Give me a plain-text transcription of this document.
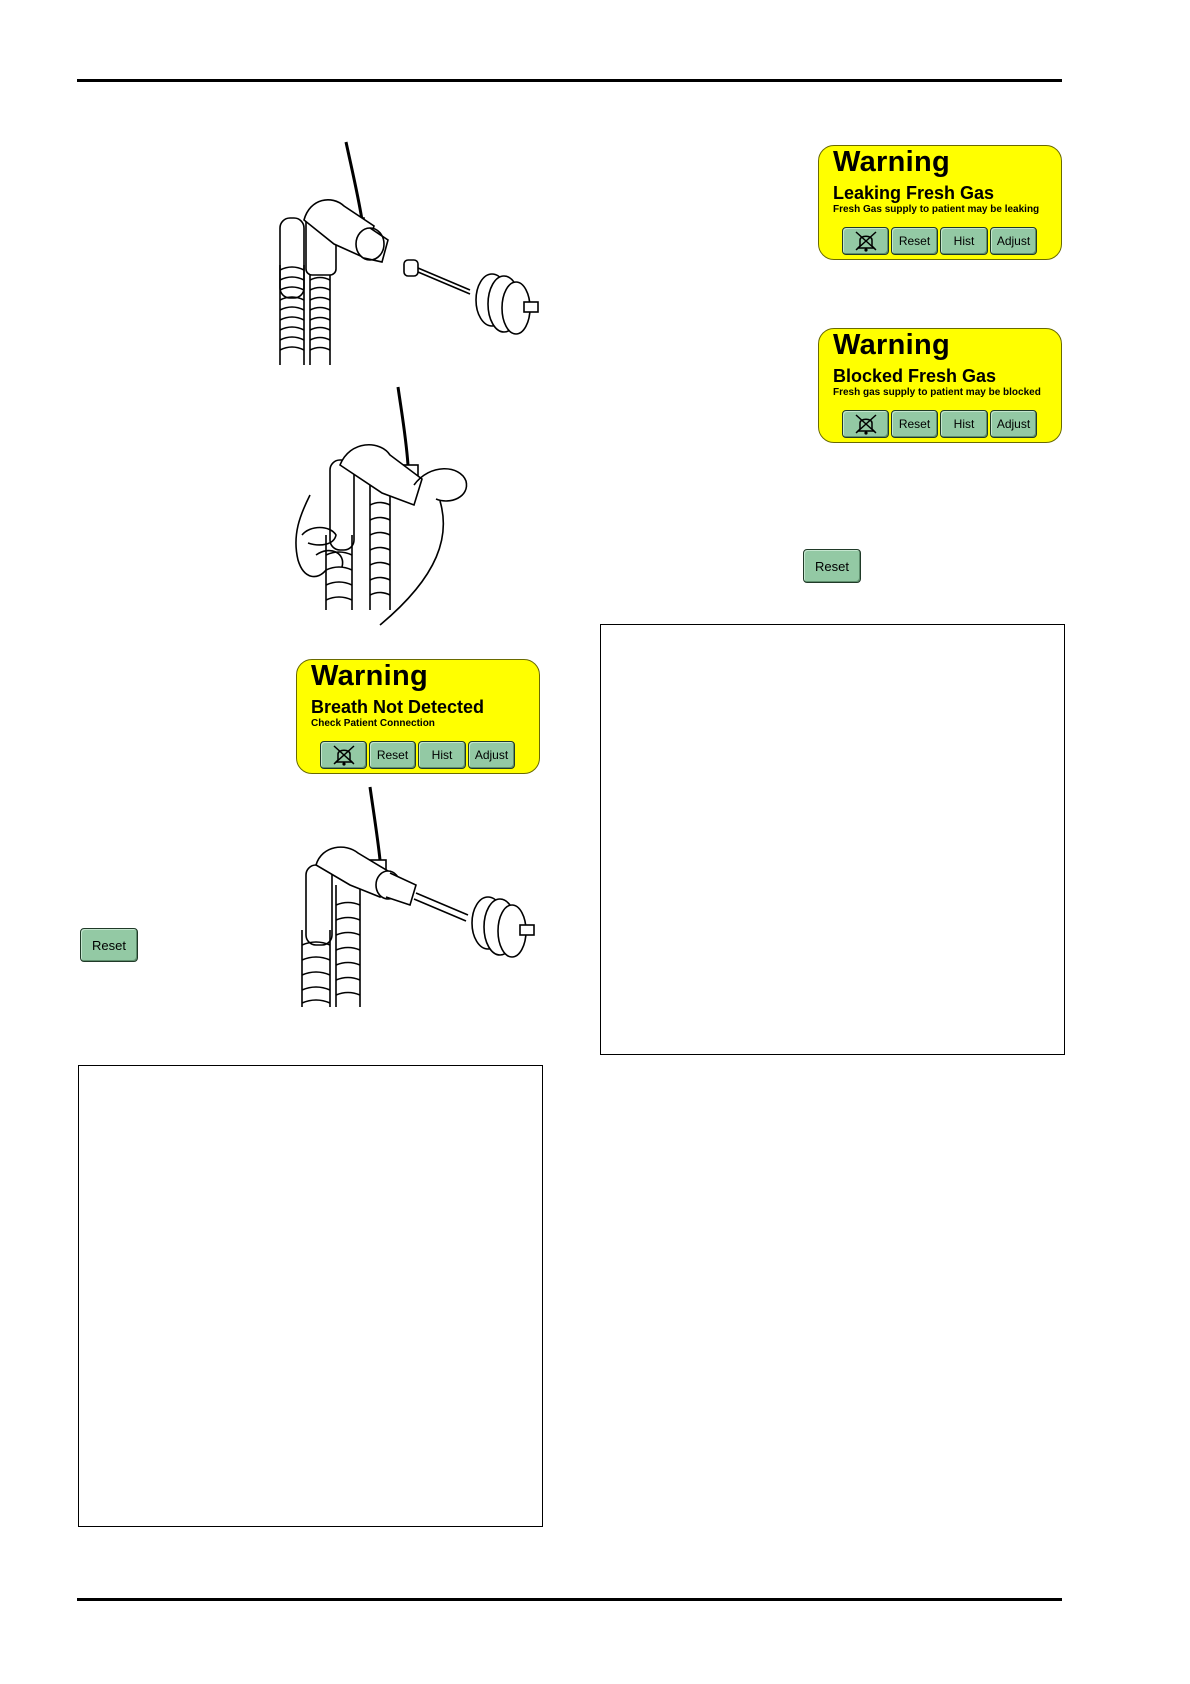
Warning
Leaking Fresh Gas
Fresh Gas supply to patient may be leaking
Reset Hist Adjust
Warning
Blocked Fresh Gas
Fresh gas supply to patient may be blocked
Reset Hist Adjust
Warning
Breath Not Detected
Check Patient Connection
Reset Hist Adjust
Reset
Reset
